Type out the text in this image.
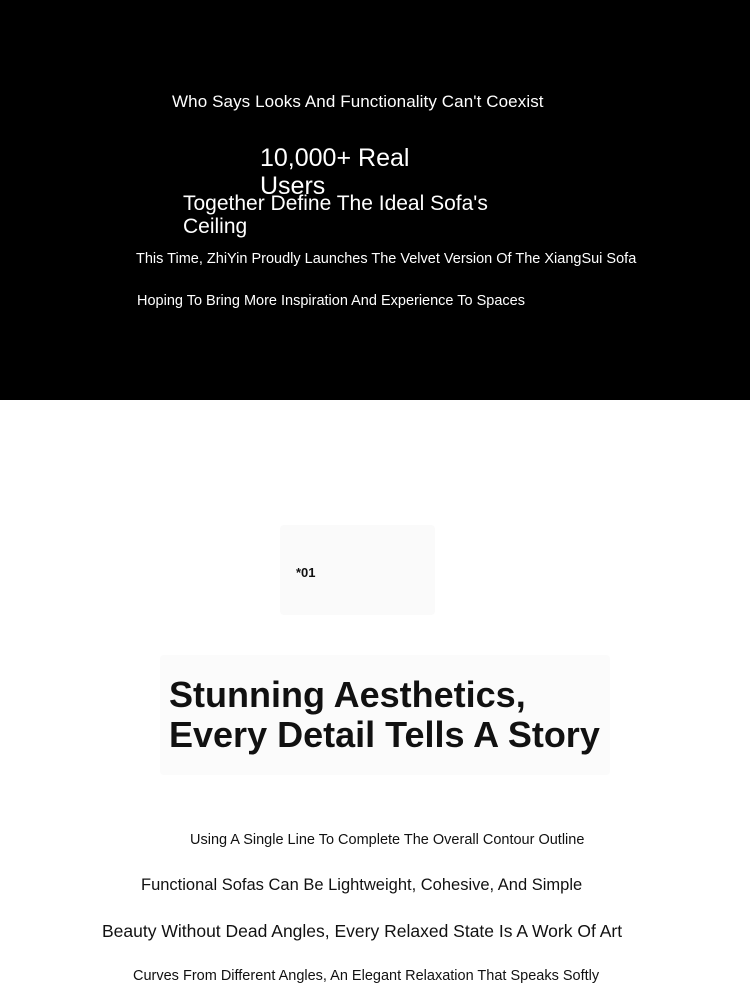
Who Says Looks And Functionality Can't Coexist
10,000+ Real Users
Together Define The Ideal Sofa's Ceiling
This Time, ZhiYin Proudly Launches The Velvet Version Of The XiangSui Sofa
Hoping To Bring More Inspiration And Experience To Spaces
*01
Stunning Aesthetics, Every Detail Tells A Story
Using A Single Line To Complete The Overall Contour Outline
Functional Sofas Can Be Lightweight, Cohesive, And Simple
Beauty Without Dead Angles, Every Relaxed State Is A Work Of Art
Curves From Different Angles, An Elegant Relaxation That Speaks Softly
